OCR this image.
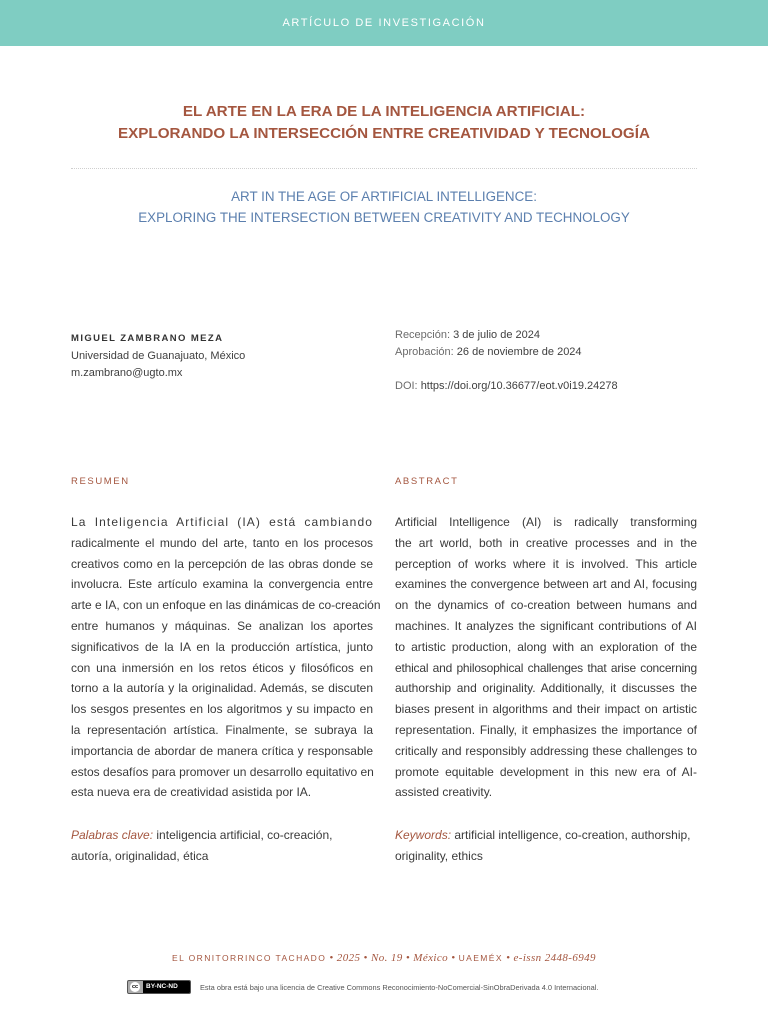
ARTÍCULO DE INVESTIGACIÓN
EL ARTE EN LA ERA DE LA INTELIGENCIA ARTIFICIAL:
EXPLORANDO LA INTERSECCIÓN ENTRE CREATIVIDAD Y TECNOLOGÍA
ART IN THE AGE OF ARTIFICIAL INTELLIGENCE:
EXPLORING THE INTERSECTION BETWEEN CREATIVITY AND TECHNOLOGY
MIGUEL ZAMBRANO MEZA
Universidad de Guanajuato, México
m.zambrano@ugto.mx
Recepción: 3 de julio de 2024
Aprobación: 26 de noviembre de 2024
DOI: https://doi.org/10.36677/eot.v0i19.24278
RESUMEN	ABSTRACT
La Inteligencia Artificial (IA) está cambiando
radicalmente el mundo del arte, tanto en los procesos
creativos como en la percepción de las obras donde se
involucra. Este artículo examina la convergencia entre
arte e IA, con un enfoque en las dinámicas de co-creación
entre humanos y máquinas. Se analizan los aportes
significativos de la IA en la producción artística, junto
con una inmersión en los retos éticos y filosóficos en
torno a la autoría y la originalidad. Además, se discuten
los sesgos presentes en los algoritmos y su impacto en
la representación artística. Finalmente, se subraya la
importancia de abordar de manera crítica y responsable
estos desafíos para promover un desarrollo equitativo en
esta nueva era de creatividad asistida por IA.
Artificial Intelligence (AI) is radically transforming
the art world, both in creative processes and in the
perception of works where it is involved. This article
examines the convergence between art and AI, focusing
on the dynamics of co-creation between humans and
machines. It analyzes the significant contributions of AI
to artistic production, along with an exploration of the
ethical and philosophical challenges that arise concerning
authorship and originality. Additionally, it discusses the
biases present in algorithms and their impact on artistic
representation. Finally, it emphasizes the importance of
critically and responsibly addressing these challenges to
promote equitable development in this new era of AI-
assisted creativity.
Palabras clave: inteligencia artificial, co-creación, autoría, originalidad, ética
Keywords: artificial intelligence, co-creation, authorship, originality, ethics
EL ORNITORRINCO TACHADO • 2025 • No. 19 • México • UAEMÉX • e-issn 2448-6949
cc	BY-NC-ND	Esta obra está bajo una licencia de Creative Commons Reconocimiento-NoComercial-SinObraDerivada 4.0 Internacional.
